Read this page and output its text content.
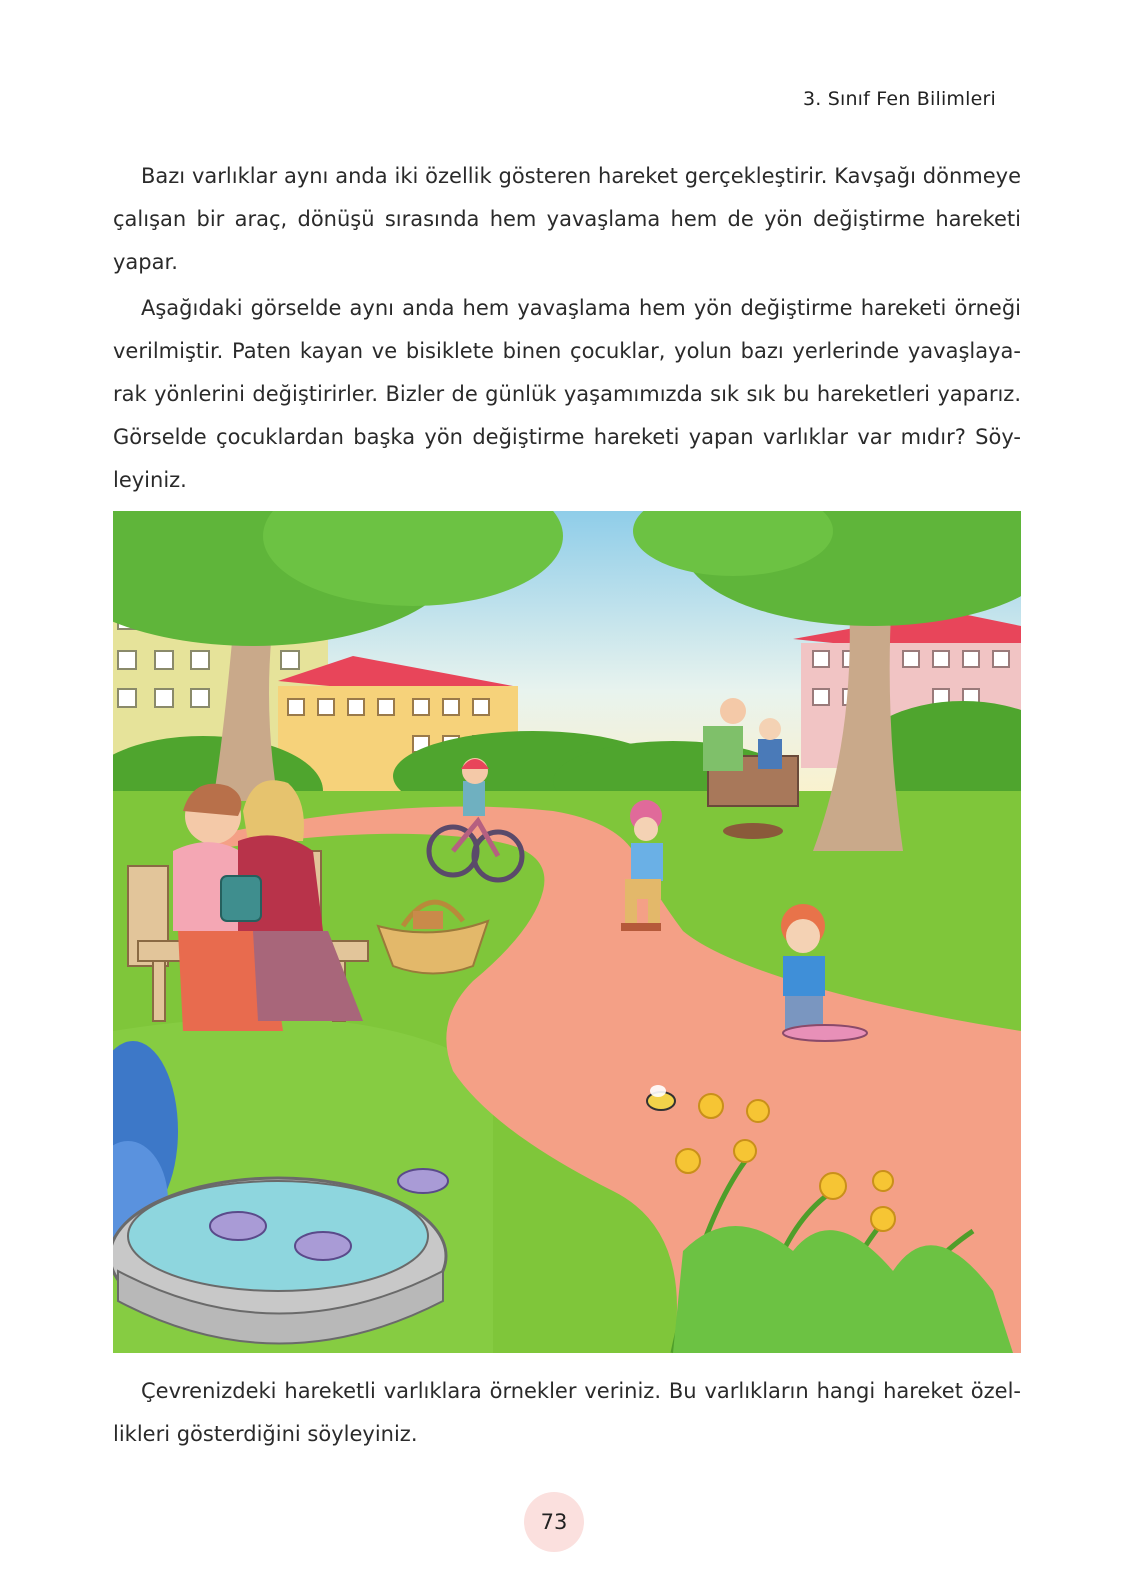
3. Sınıf Fen Bilimleri

Bazı varlıklar aynı anda iki özellik gösteren hareket gerçekleştirir. Kavşağı dönmeye çalışan bir araç, dönüşü sırasında hem yavaşlama hem de yön değiştirme hareketi yapar.

Aşağıdaki görselde aynı anda hem yavaşlama hem yön değiştirme hareketi örneği verilmiştir. Paten kayan ve bisiklete binen çocuklar, yolun bazı yerlerinde yavaşlaya-rak yönlerini değiştirirler. Bizler de günlük yaşamımızda sık sık bu hareketleri yaparız. Görselde çocuklardan başka yön değiştirme hareketi yapan varlıklar var mıdır? Söy-leyiniz.

Çevrenizdeki hareketli varlıklara örnekler veriniz. Bu varlıkların hangi hareket özel-likleri gösterdiğini söyleyiniz.

73
